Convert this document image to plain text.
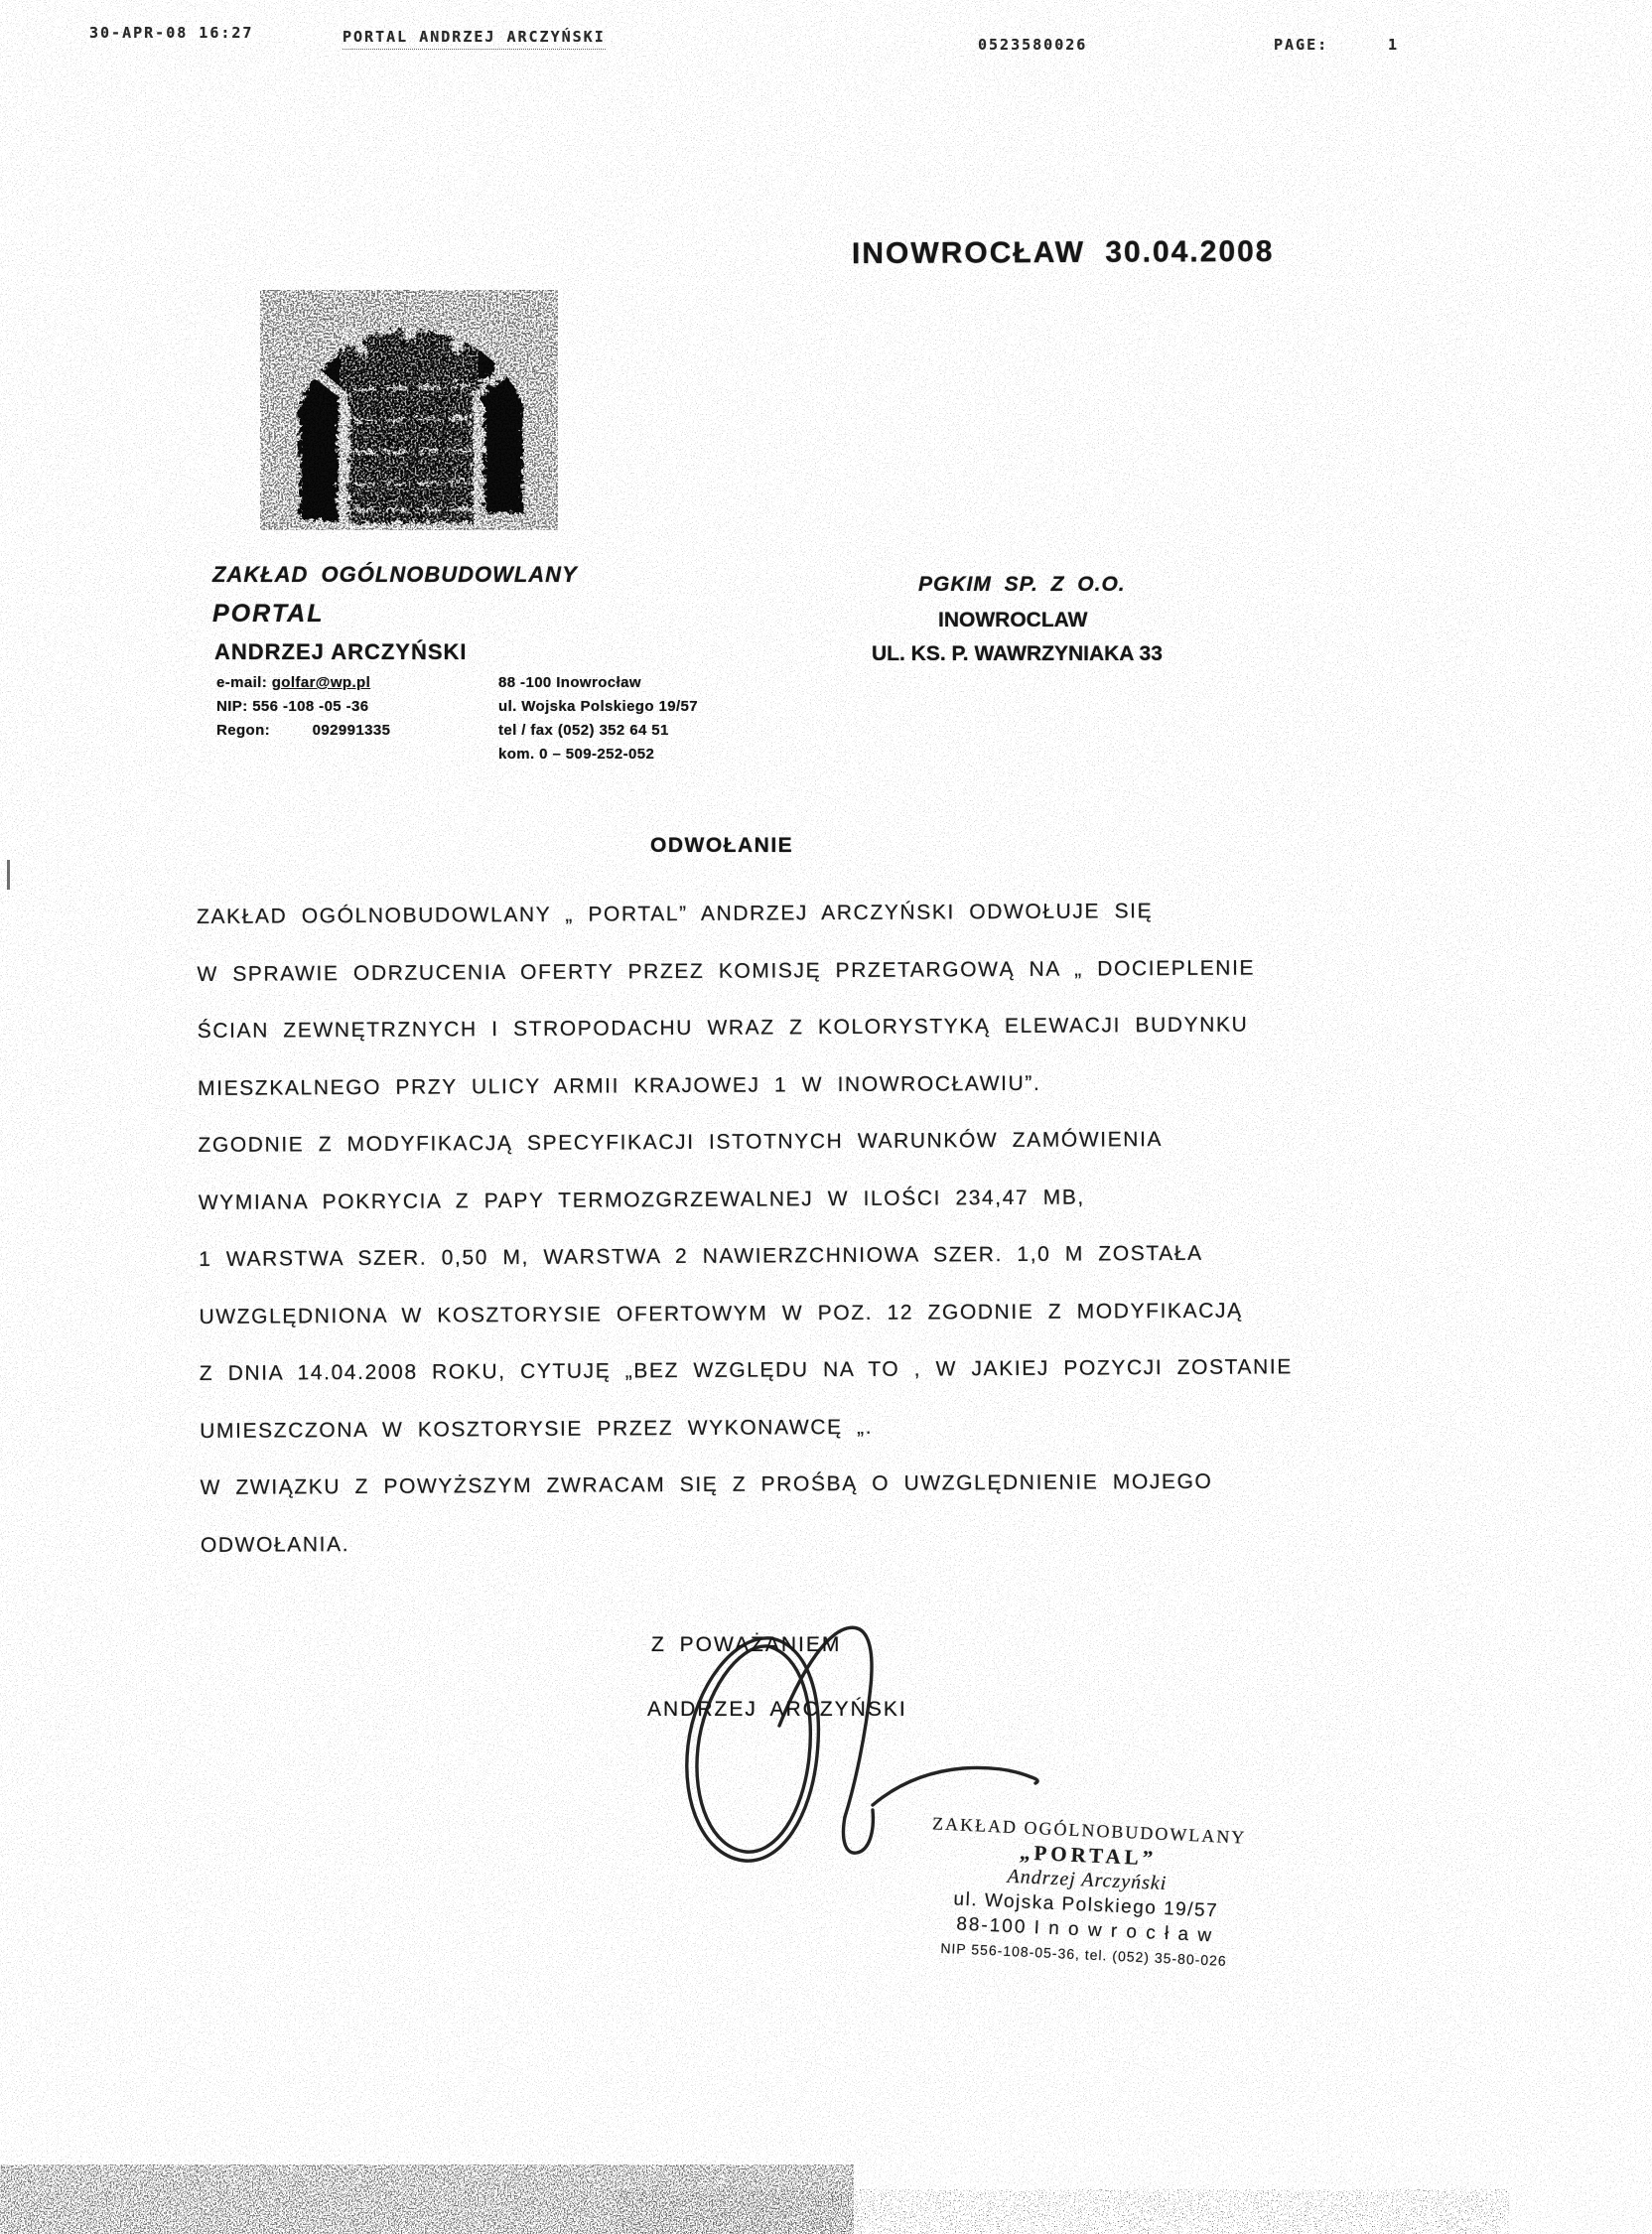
30-APR-08 16:27	PORTAL ANDRZEJ ARCZYŃSKI	0523580026	PAGE:	1
INOWROCŁAW 30.04.2008
ZAKŁAD OGÓLNOBUDOWLANY
PORTAL
ANDRZEJ ARCZYŃSKI
e-mail: golfar@wp.pl
NIP: 556 -108 -05 -36
Regon:	092991335
88 -100 Inowrocław
ul. Wojska Polskiego 19/57
tel / fax (052) 352 64 51
kom. 0 – 509-252-052
PGKIM SP. Z O.O.
INOWROCLAW
UL. KS. P. WAWRZYNIAKA 33
ODWOŁANIE
ZAKŁAD OGÓLNOBUDOWLANY „ PORTAL” ANDRZEJ ARCZYŃSKI ODWOŁUJE SIĘ
W SPRAWIE ODRZUCENIA OFERTY PRZEZ KOMISJĘ PRZETARGOWĄ NA „ DOCIEPLENIE
ŚCIAN ZEWNĘTRZNYCH I STROPODACHU WRAZ Z KOLORYSTYKĄ ELEWACJI BUDYNKU
MIESZKALNEGO PRZY ULICY ARMII KRAJOWEJ 1 W INOWROCŁAWIU”.
ZGODNIE Z MODYFIKACJĄ SPECYFIKACJI ISTOTNYCH WARUNKÓW ZAMÓWIENIA
WYMIANA POKRYCIA Z PAPY TERMOZGRZEWALNEJ W ILOŚCI 234,47 MB,
1 WARSTWA SZER. 0,50 M, WARSTWA 2 NAWIERZCHNIOWA SZER. 1,0 M ZOSTAŁA
UWZGLĘDNIONA W KOSZTORYSIE OFERTOWYM W POZ. 12 ZGODNIE Z MODYFIKACJĄ
Z DNIA 14.04.2008 ROKU, CYTUJĘ „BEZ WZGLĘDU NA TO , W JAKIEJ POZYCJI ZOSTANIE
UMIESZCZONA W KOSZTORYSIE PRZEZ WYKONAWCĘ „.
W ZWIĄZKU Z POWYŻSZYM ZWRACAM SIĘ Z PROŚBĄ O UWZGLĘDNIENIE MOJEGO
ODWOŁANIA.
Z POWAŻANIEM
ANDRZEJ ARCZYŃSKI
ZAKŁAD OGÓLNOBUDOWLANY
„PORTAL”
Andrzej Arczyński
ul. Wojska Polskiego 19/57
88-100 I n o w r o c ł a w
NIP 556-108-05-36, tel. (052) 35-80-026
